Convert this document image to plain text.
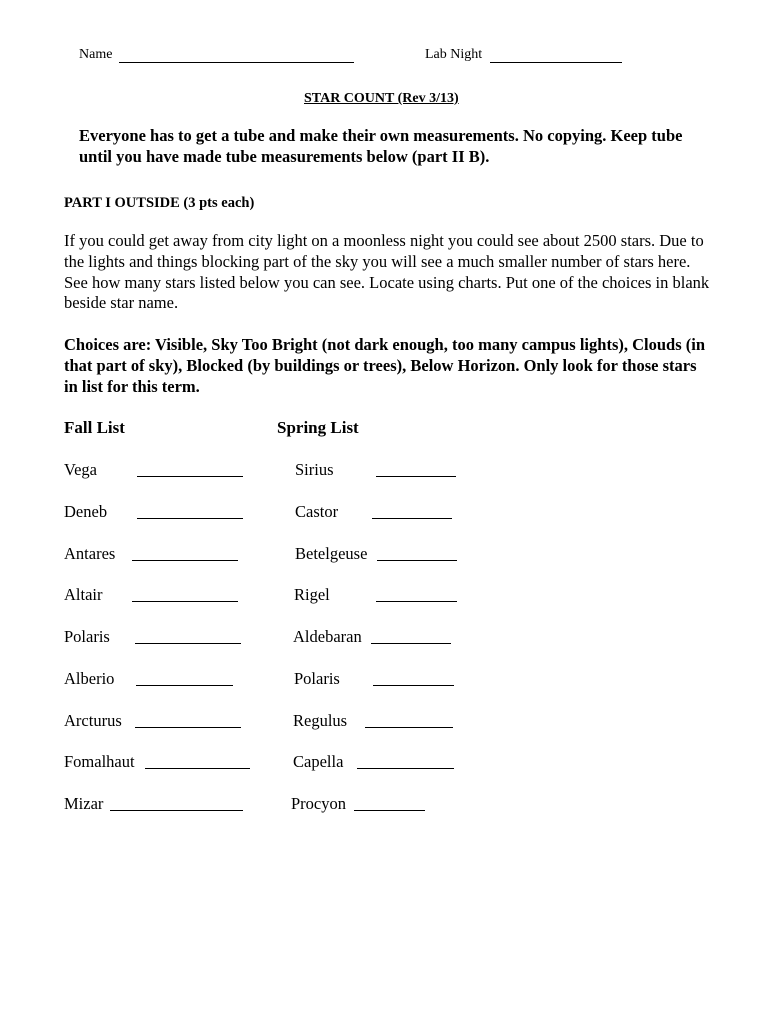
Name	Lab Night
STAR COUNT (Rev 3/13)
Everyone has to get a tube and make their own measurements. No copying. Keep tube until you have made tube measurements below (part II B).
PART I OUTSIDE (3 pts each)
If you could get away from city light on a moonless night you could see about 2500 stars. Due to the lights and things blocking part of the sky you will see a much smaller number of stars here. See how many stars listed below you can see. Locate using charts. Put one of the choices in blank beside star name.
Choices are: Visible, Sky Too Bright (not dark enough, too many campus lights), Clouds (in that part of sky), Blocked (by buildings or trees), Below Horizon. Only look for those stars in list for this term.
Fall List	Spring List
Vega
Deneb
Antares
Altair
Polaris
Alberio
Arcturus
Fomalhaut
Mizar
Sirius
Castor
Betelgeuse
Rigel
Aldebaran
Polaris
Regulus
Capella
Procyon
